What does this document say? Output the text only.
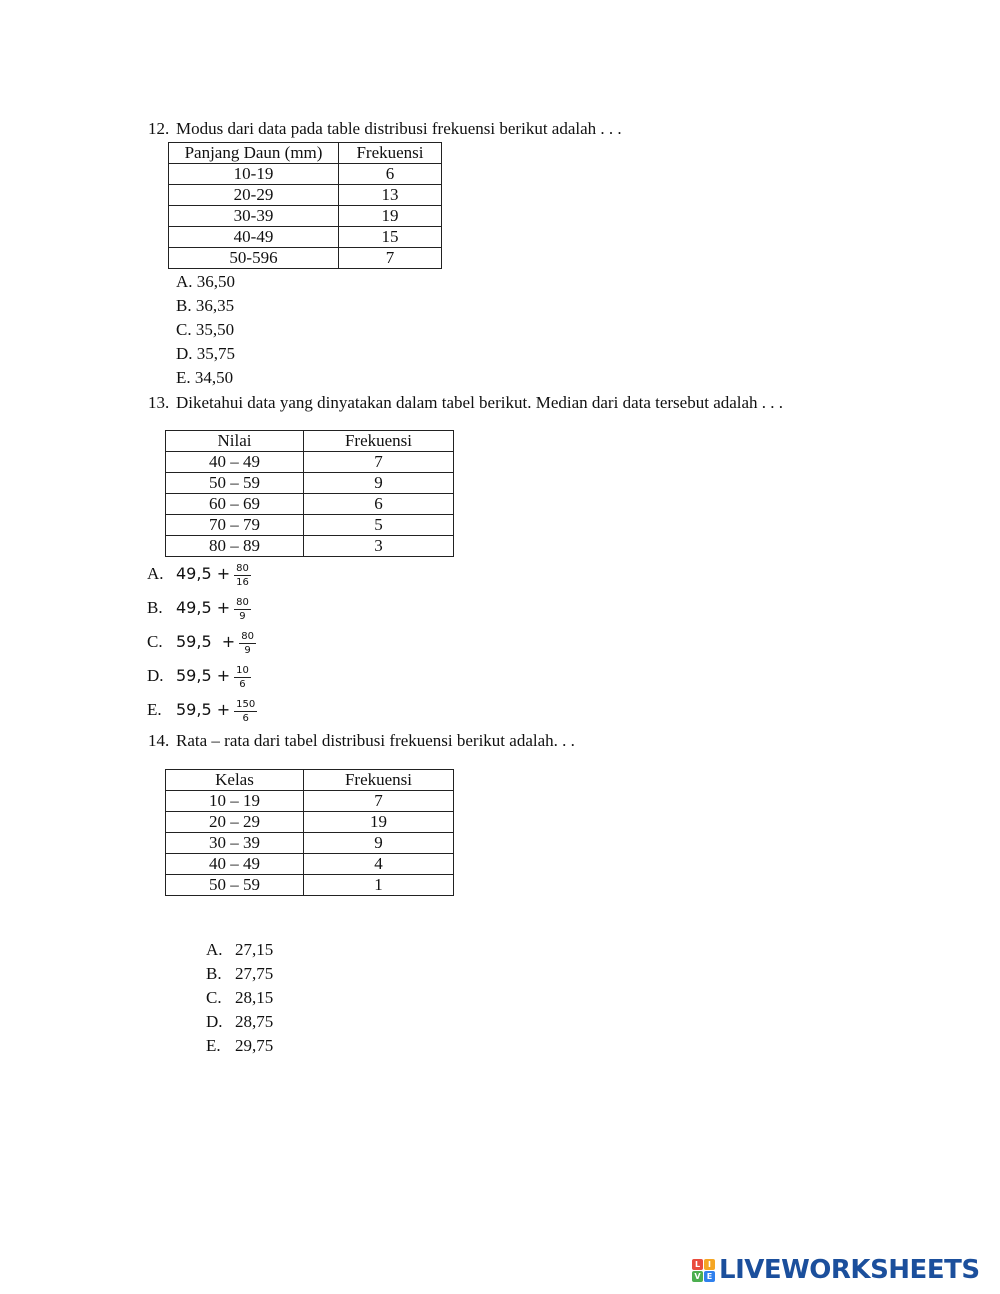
12. Modus dari data pada table distribusi frekuensi berikut adalah . . .
Panjang Daun (mm)	Frekuensi
10-19	6
20-29	13
30-39	19
40-49	15
50-596	7
A. 36,50
B. 36,35
C. 35,50
D. 35,75
E. 34,50
13. Diketahui data yang dinyatakan dalam tabel berikut. Median dari data tersebut adalah . . .
Nilai	Frekuensi
40 – 49	7
50 – 59	9
60 – 69	6
70 – 79	5
80 – 89	3
A. $49,5 + \frac{80}{16}$
B. $49,5 + \frac{80}{9}$
C. $59,5 + \frac{80}{9}$
D. $59,5 + \frac{10}{6}$
E. $59,5 + \frac{150}{6}$
14. Rata – rata dari tabel distribusi frekuensi berikut adalah. . .
Kelas	Frekuensi
10 – 19	7
20 – 29	19
30 – 39	9
40 – 49	4
50 – 59	1
A. 27,15
B. 27,75
C. 28,15
D. 28,75
E. 29,75
L I
V E LIVEWORKSHEETS
